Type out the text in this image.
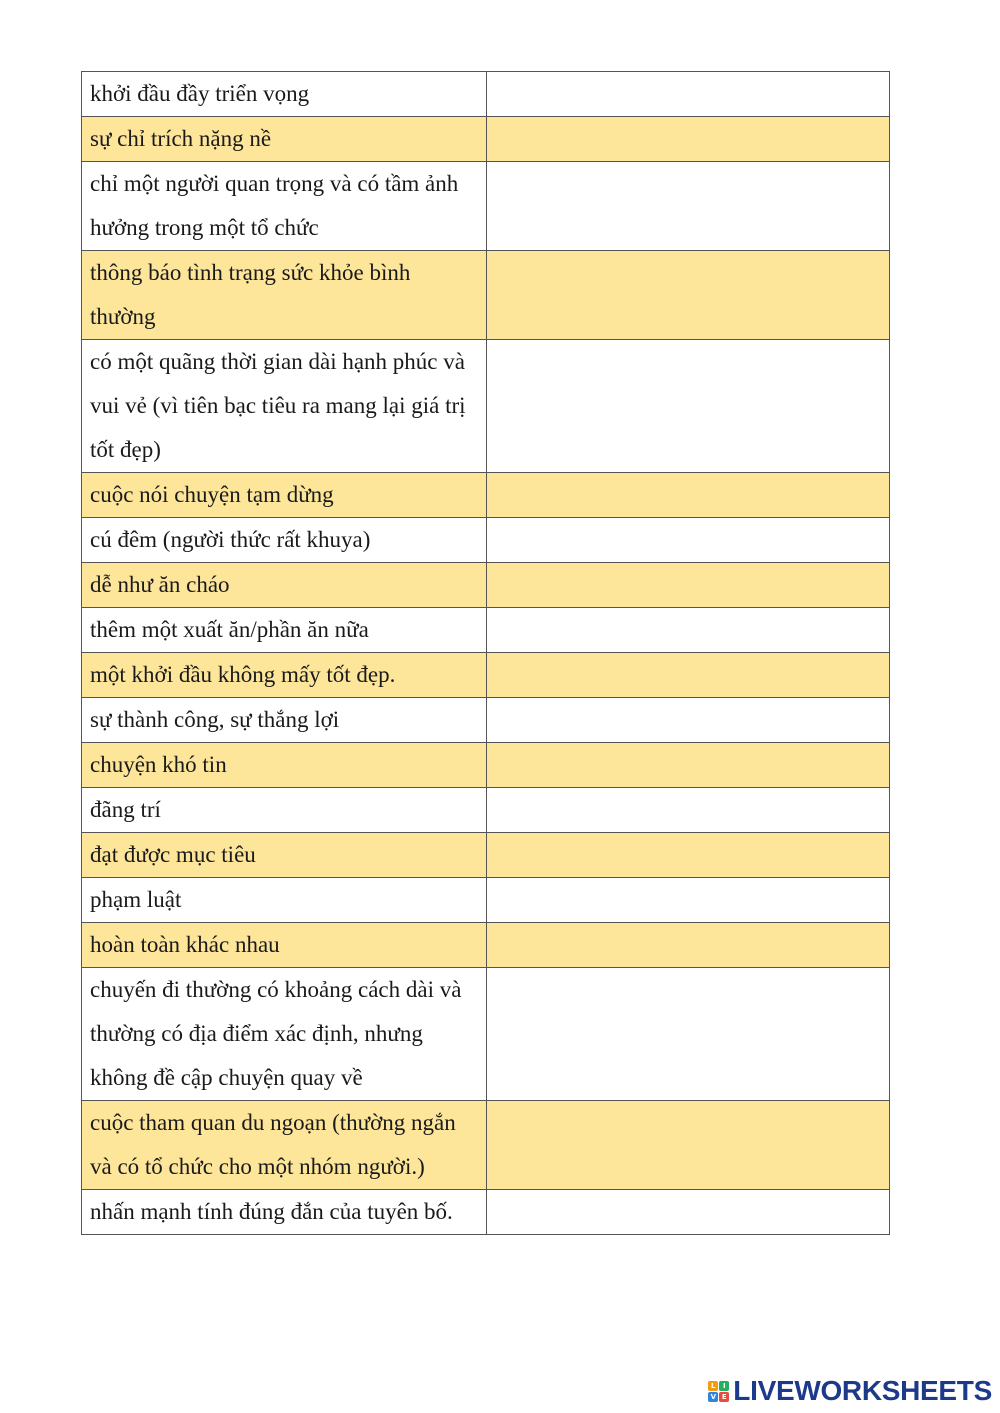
khởi đầu đầy triển vọng	

sự chỉ trích nặng nề	

chỉ một người quan trọng và có tầm ảnh hưởng trong một tổ chức	

thông báo tình trạng sức khỏe bình thường	

có một quãng thời gian dài hạnh phúc và vui vẻ (vì tiên bạc tiêu ra mang lại giá trị tốt đẹp)	

cuộc nói chuyện tạm dừng	

cú đêm (người thức rất khuya)	

dễ như ăn cháo	

thêm một xuất ăn/phần ăn nữa	

một khởi đầu không mấy tốt đẹp.	

sự thành công, sự thắng lợi	

chuyện khó tin	

đãng trí	

đạt được mục tiêu	

phạm luật	

hoàn toàn khác nhau	

chuyến đi thường có khoảng cách dài và thường có địa điểm xác định, nhưng không đề cập chuyện quay về	

cuộc tham quan du ngoạn (thường ngắn và có tổ chức cho một nhóm người.)	

nhấn mạnh tính đúng đắn của tuyên bố.	

L	I
V E LIVEWORKSHEETS
